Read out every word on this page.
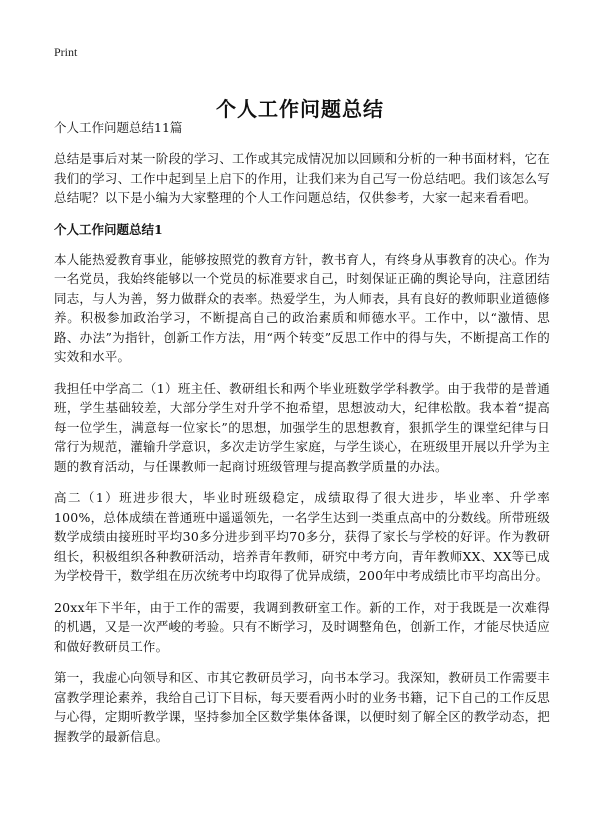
Print
个人工作问题总结
个人工作问题总结11篇

总结是事后对某一阶段的学习、工作或其完成情况加以回顾和分析的一种书面材料，它在我们的学习、工作中起到呈上启下的作用，让我们来为自己写一份总结吧。我们该怎么写总结呢？以下是小编为大家整理的个人工作问题总结，仅供参考，大家一起来看看吧。

个人工作问题总结1

本人能热爱教育事业，能够按照党的教育方针，教书育人，有终身从事教育的决心。作为一名党员，我始终能够以一个党员的标准要求自己，时刻保证正确的舆论导向，注意团结同志，与人为善，努力做群众的表率。热爱学生，为人师表，具有良好的教师职业道德修养。积极参加政治学习，不断提高自己的政治素质和师德水平。工作中，以“激情、思路、办法”为指针，创新工作方法，用“两个转变”反思工作中的得与失，不断提高工作的实效和水平。

我担任中学高二（1）班主任、教研组长和两个毕业班数学学科教学。由于我带的是普通班，学生基础较差，大部分学生对升学不抱希望，思想波动大，纪律松散。我本着“提高每一位学生，满意每一位家长”的思想，加强学生的思想教育，狠抓学生的课堂纪律与日常行为规范，灌输升学意识，多次走访学生家庭，与学生谈心，在班级里开展以升学为主题的教育活动，与任课教师一起商讨班级管理与提高教学质量的办法。

高二（1）班进步很大，毕业时班级稳定，成绩取得了很大进步，毕业率、升学率100%，总体成绩在普通班中遥遥领先，一名学生达到一类重点高中的分数线。所带班级数学成绩由接班时平均30多分进步到平均70多分，获得了家长与学校的好评。作为教研组长，积极组织各种教研活动，培养青年教师，研究中考方向，青年教师XX、XX等已成为学校骨干，数学组在历次统考中均取得了优异成绩，200年中考成绩比市平均高出分。

20xx年下半年，由于工作的需要，我调到教研室工作。新的工作，对于我既是一次难得的机遇，又是一次严峻的考验。只有不断学习，及时调整角色，创新工作，才能尽快适应和做好教研员工作。

第一，我虚心向领导和区、市其它教研员学习，向书本学习。我深知，教研员工作需要丰富教学理论素养，我给自己订下目标，每天要看两小时的业务书籍，记下自己的工作反思与心得，定期听教学课，坚持参加全区数学集体备课，以便时刻了解全区的教学动态，把握教学的最新信息。
